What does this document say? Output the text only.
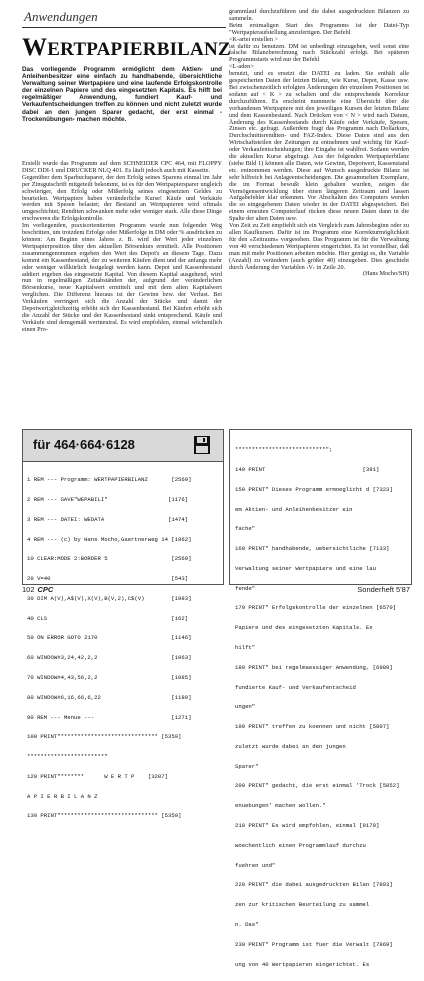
Anwendungen
WERTPAPIERBILANZ
Das vorliegende Programm ermöglicht dem Aktien- und Anleihenbesitzer eine einfach zu handhabende, übersichtliche Verwaltung seiner Wertpapiere und eine laufende Erfolgskontrolle der einzelnen Papiere und des eingesetzten Kapitals. Es hilft bei regelmäßiger Anwendung, fundiert Kauf- und Verkaufentscheidungen treffen zu können und nicht zuletzt wurde dabei an den jungen Sparer gedacht, der erst einmal -Trockenübungen- machen möchte.

Erstellt wurde das Programm auf dem SCHNEIDER CPC 464, mit FLOPPY DISC DDI-1 und DRUCKER NLQ 401. Es läuft jedoch auch mit Kassette.

Gegenüber dem Sparbuchsparer, der den Erfolg seines Sparens einmal im Jahr per Zinsgutschrift mitgeteilt bekommt, ist es für den Wertpapiersparer ungleich schwieriger, den Erfolg oder Mißerfolg seines eingesetzten Geldes zu beurteilen. Wertpapiere haben veränderliche Kurse! Käufe und Verkäufe werden mit Spesen belastet; der Bestand an Wertpapieren wird oftmals umgeschichtet; Renditen schwanken mehr oder weniger stark. Alle diese Dinge erschweren die Erfolgskontrolle.

Im vorliegenden, praxisorientierten Programm wurde nun folgender Weg beschritten, um trotzdem Erfolge oder Mißerfolge in DM oder % ausdrücken zu können: Am Beginn eines Jahres z. B. wird der Wert jeder einzelnen Wertpapierposition über den aktuellen Börsenkurs ermittelt. Alle Positionen zusammengenommen ergeben den Wert des Depot's an diesem Tage. Dazu kommt ein Kassenbestand, der zu weiteren Käufen dient und der anfangs mehr oder weniger willkürlich festgelegt werden kann. Depot und Kassenbestand addiert ergeben das eingesetzte Kapital. Von diesem Kapital ausgehend, wird nun in regelmäßigen Zeitabständen der, aufgrund der veränderlichen Börsenkurse, neue Kapitalwert ermittelt und mit dem alten Kapitalwert verglichen. Die Differenz hieraus ist der Gewinn bzw. der Verlust. Bei Verkäufen verringert sich die Anzahl der Stücke und damit der Depotwert;gleichzeitig erhöht sich der Kassenbestand. Bei Käufen erhöht sich die Anzahl der Stücke und der Kassenbestand sinkt entsprechend. Käufe und Verkäufe sind demgemäß wertneutral. Es wird empfohlen, einmal wöchentlich einen Pro-

grammlauf durchzuführen und die dabei ausgedruckten Bilanzen zu sammeln.

Beim erstmaligen Start des Programms ist der Datei-Typ "Wertpapieraufstellung anzufertigen. Der Befehl

<K-artei erstellen >

ist dafür zu benutzen. DM ist unbedingt einzugeben, weil sonst eine falsche Bilanzberechnung nach Stückzahl erfolgt. Bei späteren Programmstarts wird nur der Befehl

<L-aden>

benutzt, und es ersetzt die DATEI zu laden. Sie enthält alle gespeicherten Daten der letzten Bilanz, wie Kurse, Depot, Kasse usw. Bei zwischenzeitlich erfolgten Änderungen der einzelnen Positionen ist sodann auf < K > zu schalten und die entsprechende Korrektur durchzuführen. Es erscheint nummerie eine Übersicht über die vorhandenen Wertpapiere mit den jeweiligen Kursen der letzten Bilanz und dem Kassenbestand. Nach Drücken von < N > wird nach Datum, Änderung des Kassenbestands durch Käufe oder Verkäufe, Spesen, Zinsen etc. gefragt. Außerdem fragt das Programm nach Dollarkurs, Durchschnittsrenditen- und FAZ-Index. Diese Daten sind aus den Wirtschaftsteilen der Zeitungen zu entnehmen und wichtig für Kauf- oder Verkaufentscheidungen; ihre Eingabe ist wahlfrei. Sodann werden die aktuellen Kurse abgefragt. Aus der folgenden Wertpapierbilanz (siehe Bild 1) können alle Daten, wie Gewinn, Depotwert, Kassenstand etc. entnommen werden. Diese auf Wunsch ausgedruckte Bilanz ist sehr hilfreich bei Anlageentscheidungen. Die gesammelten Exemplare, die im Format bewußt klein gehalten wurden, zeigen die Vermögensentwicklung über einen längeren Zeitraum und lassen Aufgabefehler klar erkennen. Vor Abschalten des Computers werden die so eingegebenen Daten wieder in der DATEI abgespeichert. Bei einem erneuten Computerlauf rücken diese neuen Daten dann in die Spalte der alten Daten usw.

Von Zeit zu Zeit empfiehlt sich ein Vergleich zum Jahresbeginn oder zu allen Kaufkursen. Dafür ist im Programm eine Korrekturmöglichkeit für den »Zeitraum« vorgesehen. Das Programm ist für die Verwaltung von 40 verschiedenen Wertpapieren eingerichtet. Es ist vorstellbar, daß man mit mehr Positionen arbeiten möchte. Hier genügt es, die Variable (Anzahl) zu verändern (auch größer 40) einzugeben. Dies geschieht durch Änderung der Variablen ›V‹ in Zeile 20.

(Hans Mocho/SH)

für 464·664·6128

1 REM --- Programm: WERTPAPIERBILANZ       [2569]

2 REM --- SAVE"WEPABILI"                  [1176]

3 REM --- DATEI: WEDATA                   [1474]

4 REM --- (c) by Hans Mocho,Gaertnerweg 14 [1962]

10 CLEAR:MODE 2:BORDER 5                   [2569]

20 V=40                                    [543]

30 DIM A(V),A$(V),X(V),B(V,2),C$(V)        [1983]

40 CLS                                     [162]

50 ON ERROR GOTO 2170                      [1146]

60 WINDOW#3,24,42,2,2                      [1063]

70 WINDOW#4,43,56,2,2                      [1085]

80 WINDOW#6,16,66,6,22                     [1189]

90 REM --- Menue ---                       [1271]

100 PRINT"***************************** [5359]

***********************"

120 PRINT"*******      W E R T P    [3207]

A P I E R B I L A N Z

130 PRINT"***************************** [5359]

***************************";

140 PRINT                             [391]

150 PRINT" Dieses Programm ermoeglicht d [7323]

em Aktien- und Anleihenbesitzer ein

fache"

160 PRINT" handhabende, uebersichtliche [7133]

Verwaltung seiner Wertpapiere und eine lau

fende"

170 PRINT" Erfolgskontrolle der einzelnen [6570]

Papiere und des eingesetzten Kapitals. Es

hilft"

180 PRINT" bei regelmaessiger Anwendung, [6989]

fundierte Kauf- und Verkaufentscheid

ungen"

190 PRINT" treffen zu koennen und nicht [5807]

zuletzt wurde dabei an den jungen

Sparer"

200 PRINT" gedacht, die erst einmal 'Trock [5852]

enuebungen' machen wollen."

210 PRINT" Es wird empfohlen, einmal [9179]

woechentlich einen Programmlauf durchzu

fuehren und"

220 PRINT" die dabei ausgedruckten Bilan [7893]

zen zur kritischen Beurteilung zu sammel

n. Das"

230 PRINT" Programm ist fuer die Verwalt [7869]

ung von 40 Wertpapieren eingerichtet. Es

102 CPC	Sonderheft 5'87
